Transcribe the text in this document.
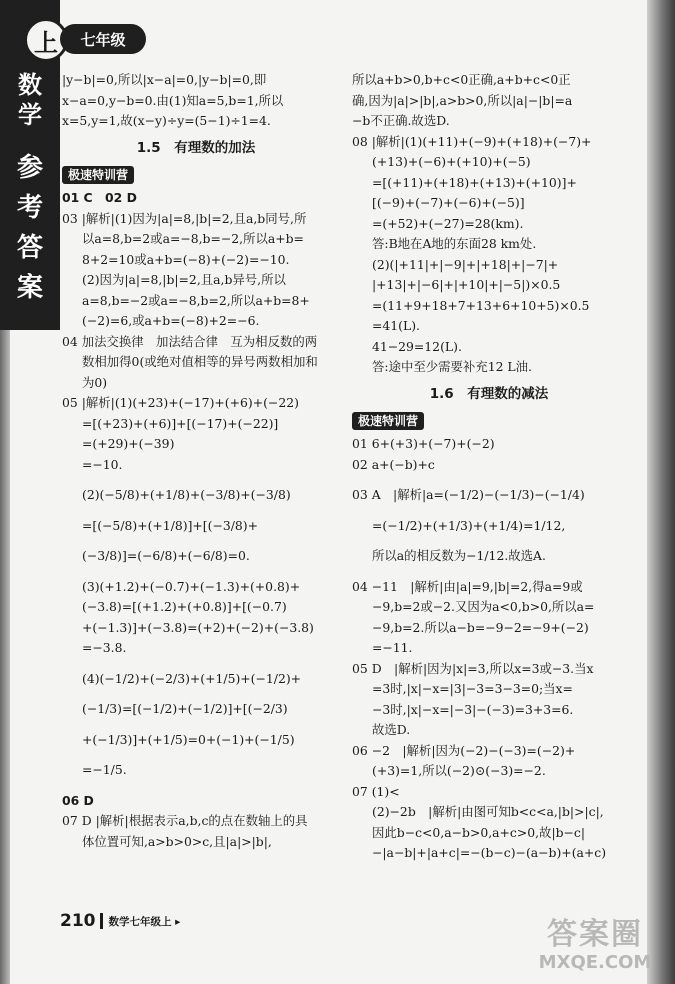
上	七年级
数
学
参
考
答
案
|y−b|=0,所以|x−a|=0,|y−b|=0,即
x−a=0,y−b=0.由(1)知a=5,b=1,所以
x=5,y=1,故(x−y)÷y=(5−1)÷1=4.
1.5　有理数的加法
极速特训营
01 C　02 D
03 |解析|(1)因为|a|=8,|b|=2,且a,b同号,所
以a=8,b=2或a=−8,b=−2,所以a+b=
8+2=10或a+b=(−8)+(−2)=−10.
(2)因为|a|=8,|b|=2,且a,b异号,所以
a=8,b=−2或a=−8,b=2,所以a+b=8+
(−2)=6,或a+b=(−8)+2=−6.
04 加法交换律　加法结合律　互为相反数的两
数相加得0(或绝对值相等的异号两数相加和
为0)
05 |解析|(1)(+23)+(−17)+(+6)+(−22)
=[(+23)+(+6)]+[(−17)+(−22)]
=(+29)+(−39)
=−10.
(2)(−5/8)+(+1/8)+(−3/8)+(−3/8)
=[(−5/8)+(+1/8)]+[(−3/8)+
(−3/8)]=(−6/8)+(−6/8)=0.
(3)(+1.2)+(−0.7)+(−1.3)+(+0.8)+
(−3.8)=[(+1.2)+(+0.8)]+[(−0.7)
+(−1.3)]+(−3.8)=(+2)+(−2)+(−3.8)
=−3.8.
(4)(−1/2)+(−2/3)+(+1/5)+(−1/2)+
(−1/3)=[(−1/2)+(−1/2)]+[(−2/3)
+(−1/3)]+(+1/5)=0+(−1)+(−1/5)
=−1/5.
06 D
07 D |解析|根据表示a,b,c的点在数轴上的具
体位置可知,a>b>0>c,且|a|>|b|,
所以a+b>0,b+c<0正确,a+b+c<0正
确,因为|a|>|b|,a>b>0,所以|a|−|b|=a
−b不正确.故选D.
08 |解析|(1)(+11)+(−9)+(+18)+(−7)+
(+13)+(−6)+(+10)+(−5)
=[(+11)+(+18)+(+13)+(+10)]+
[(−9)+(−7)+(−6)+(−5)]
=(+52)+(−27)=28(km).
答:B地在A地的东面28 km处.
(2)(|+11|+|−9|+|+18|+|−7|+
|+13|+|−6|+|+10|+|−5|)×0.5
=(11+9+18+7+13+6+10+5)×0.5
=41(L).
41−29=12(L).
答:途中至少需要补充12 L油.
1.6　有理数的减法
极速特训营
01 6+(+3)+(−7)+(−2)
02 a+(−b)+c
03 A　|解析|a=(−1/2)−(−1/3)−(−1/4)
=(−1/2)+(+1/3)+(+1/4)=1/12,
所以a的相反数为−1/12.故选A.
04 −11　|解析|由|a|=9,|b|=2,得a=9或
−9,b=2或−2.又因为a<0,b>0,所以a=
−9,b=2.所以a−b=−9−2=−9+(−2)
=−11.
05 D　|解析|因为|x|=3,所以x=3或−3.当x
=3时,|x|−x=|3|−3=3−3=0;当x=
−3时,|x|−x=|−3|−(−3)=3+3=6.
故选D.
06 −2　|解析|因为(−2)−(−3)=(−2)+
(+3)=1,所以(−2)⊙(−3)=−2.
07 (1)<
(2)−2b　|解析|由图可知b<c<a,|b|>|c|,
因此b−c<0,a−b>0,a+c>0,故|b−c|
−|a−b|+|a+c|=−(b−c)−(a−b)+(a+c)
210 数学七年级上 ▸	答案圈
MXQE.COM
